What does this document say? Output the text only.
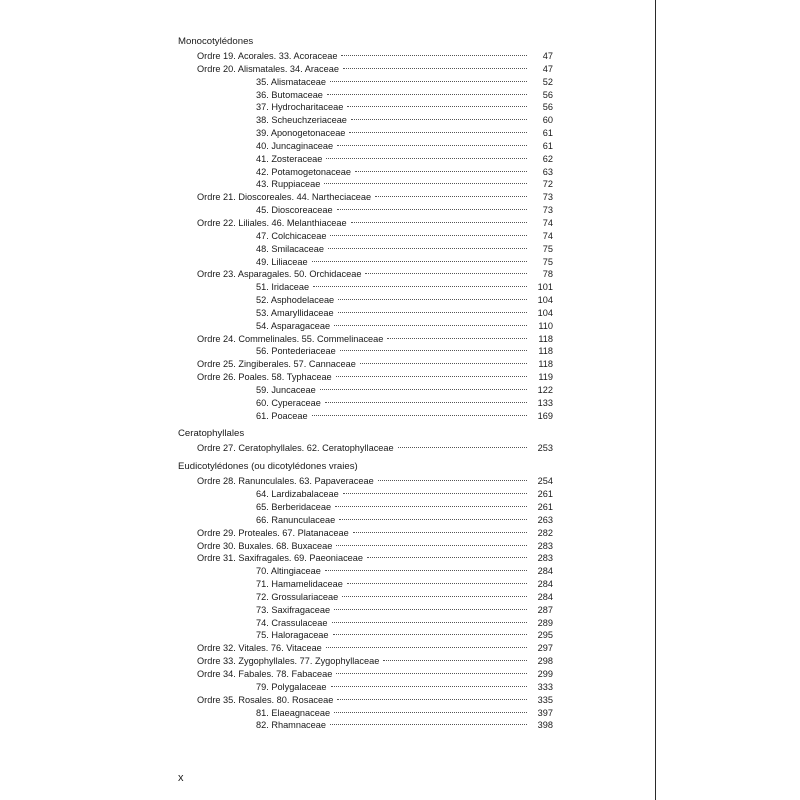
Monocotylédones
Ordre 19. Acorales. 33. Acoraceae	47
Ordre 20. Alismatales. 34. Araceae	47
35. Alismataceae	52
36. Butomaceae	56
37. Hydrocharitaceae	56
38. Scheuchzeriaceae	60
39. Aponogetonaceae	61
40. Juncaginaceae	61
41. Zosteraceae	62
42. Potamogetonaceae	63
43. Ruppiaceae	72
Ordre 21. Dioscoreales. 44. Nartheciaceae	73
45. Dioscoreaceae	73
Ordre 22. Liliales. 46. Melanthiaceae	74
47. Colchicaceae	74
48. Smilacaceae	75
49. Liliaceae	75
Ordre 23. Asparagales. 50. Orchidaceae	78
51. Iridaceae	101
52. Asphodelaceae	104
53. Amaryllidaceae	104
54. Asparagaceae	110
Ordre 24. Commelinales. 55. Commelinaceae	118
56. Pontederiaceae	118
Ordre 25. Zingiberales. 57. Cannaceae	118
Ordre 26. Poales. 58. Typhaceae	119
59. Juncaceae	122
60. Cyperaceae	133
61. Poaceae	169
Ceratophyllales
Ordre 27. Ceratophyllales. 62. Ceratophyllaceae	253
Eudicotylédones (ou dicotylédones vraies)
Ordre 28. Ranunculales. 63. Papaveraceae	254
64. Lardizabalaceae	261
65. Berberidaceae	261
66. Ranunculaceae	263
Ordre 29. Proteales. 67. Platanaceae	282
Ordre 30. Buxales. 68. Buxaceae	283
Ordre 31. Saxifragales. 69. Paeoniaceae	283
70. Altingiaceae	284
71. Hamamelidaceae	284
72. Grossulariaceae	284
73. Saxifragaceae	287
74. Crassulaceae	289
75. Haloragaceae	295
Ordre 32. Vitales. 76. Vitaceae	297
Ordre 33. Zygophyllales. 77. Zygophyllaceae	298
Ordre 34. Fabales. 78. Fabaceae	299
79. Polygalaceae	333
Ordre 35. Rosales. 80. Rosaceae	335
81. Elaeagnaceae	397
82. Rhamnaceae	398
x
